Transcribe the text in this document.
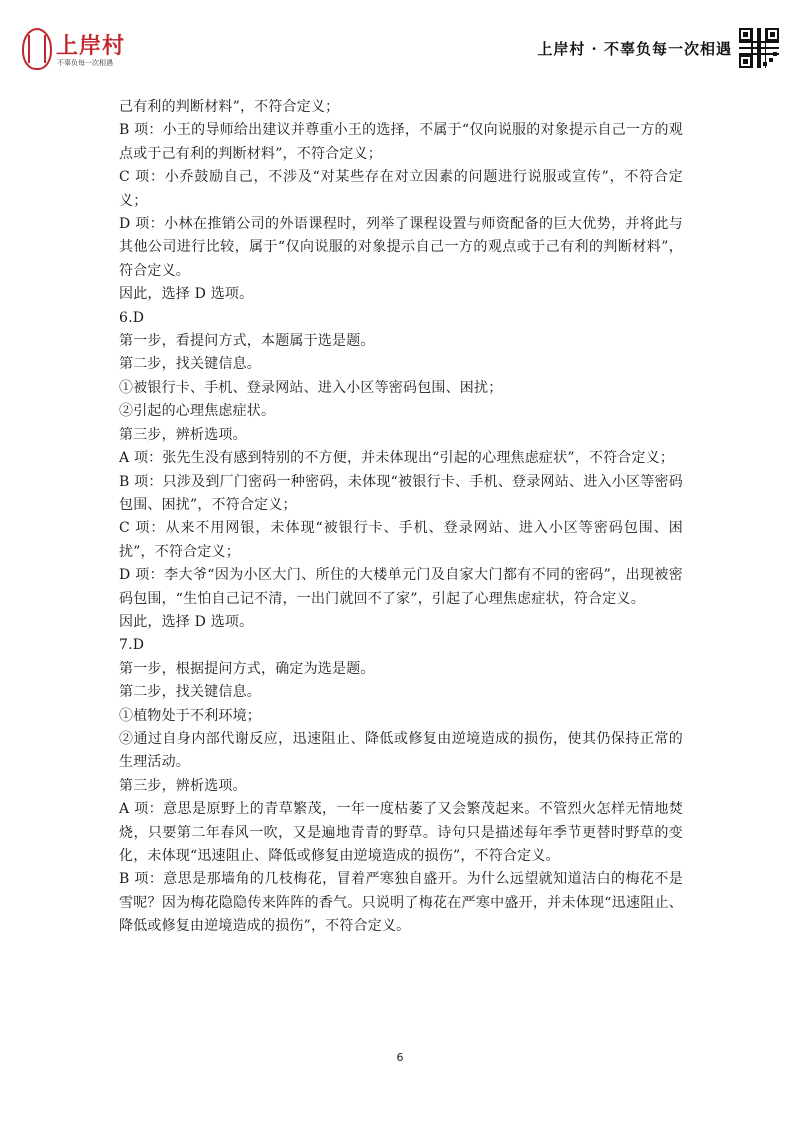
上岸村
不辜负每一次相遇
上岸村 · 不辜负每一次相遇

己有利的判断材料”，不符合定义；

B 项：小王的导师给出建议并尊重小王的选择，不属于“仅向说服的对象提示自己一方的观点或于己有利的判断材料”，不符合定义；

C 项：小乔鼓励自己，不涉及“对某些存在对立因素的问题进行说服或宣传”，不符合定义；

D 项：小林在推销公司的外语课程时，列举了课程设置与师资配备的巨大优势，并将此与其他公司进行比较，属于“仅向说服的对象提示自己一方的观点或于己有利的判断材料”，符合定义。

因此，选择 D 选项。

6.D

第一步，看提问方式，本题属于选是题。

第二步，找关键信息。

①被银行卡、手机、登录网站、进入小区等密码包围、困扰；

②引起的心理焦虑症状。

第三步，辨析选项。

A 项：张先生没有感到特别的不方便，并未体现出“引起的心理焦虑症状”，不符合定义；

B 项：只涉及到厂门密码一种密码，未体现“被银行卡、手机、登录网站、进入小区等密码包围、困扰”，不符合定义；

C 项：从来不用网银，未体现“被银行卡、手机、登录网站、进入小区等密码包围、困扰”，不符合定义；

D 项：李大爷“因为小区大门、所住的大楼单元门及自家大门都有不同的密码”，出现被密码包围，“生怕自己记不清，一出门就回不了家”，引起了心理焦虑症状，符合定义。

因此，选择 D 选项。

7.D

第一步，根据提问方式，确定为选是题。

第二步，找关键信息。

①植物处于不利环境；

②通过自身内部代谢反应，迅速阻止、降低或修复由逆境造成的损伤，使其仍保持正常的生理活动。

第三步，辨析选项。

A 项：意思是原野上的青草繁茂，一年一度枯萎了又会繁茂起来。不管烈火怎样无情地焚烧，只要第二年春风一吹，又是遍地青青的野草。诗句只是描述每年季节更替时野草的变化，未体现“迅速阻止、降低或修复由逆境造成的损伤”，不符合定义。

B 项：意思是那墙角的几枝梅花，冒着严寒独自盛开。为什么远望就知道洁白的梅花不是雪呢？因为梅花隐隐传来阵阵的香气。只说明了梅花在严寒中盛开，并未体现“迅速阻止、降低或修复由逆境造成的损伤”，不符合定义。

6
